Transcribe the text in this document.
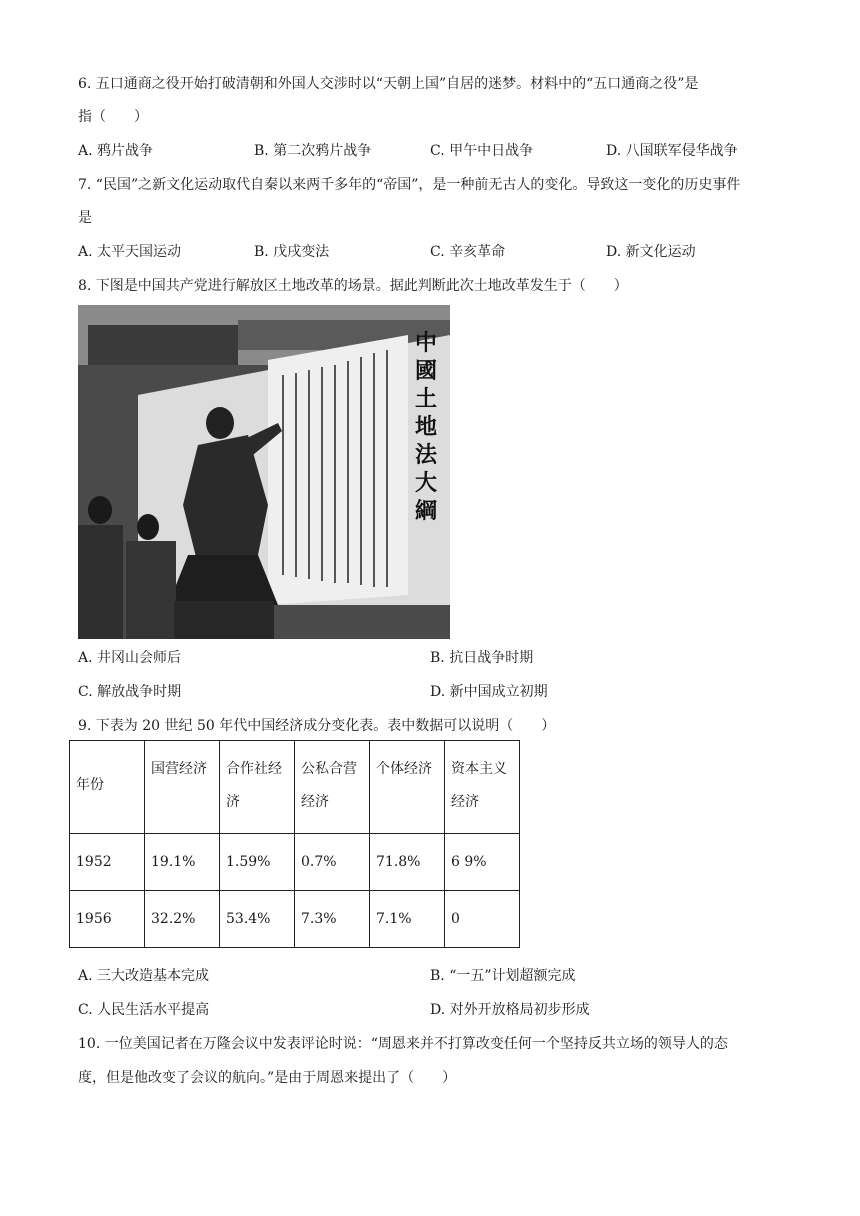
6. 五口通商之役开始打破清朝和外国人交涉时以“天朝上国”自居的迷梦。材料中的“五口通商之役”是
指（　　）
A. 鸦片战争	B. 第二次鸦片战争	C. 甲午中日战争	D. 八国联军侵华战争
7. “民国”之新文化运动取代自秦以来两千多年的“帝国”，是一种前无古人的变化。导致这一变化的历史事件
是
A. 太平天国运动	B. 戊戌变法	C. 辛亥革命	D. 新文化运动
8. 下图是中国共产党进行解放区土地改革的场景。据此判断此次土地改革发生于（　　）
中國土地法大綱
A. 井冈山会师后	B. 抗日战争时期
C. 解放战争时期	D. 新中国成立初期
9. 下表为 20 世纪 50 年代中国经济成分变化表。表中数据可以说明（　　）
年份	国营经济	合作社经济	公私合营经济	个体经济	资本主义经济
1952	19.1%	1.59%	0.7%	71.8%	6 9%
1956	32.2%	53.4%	7.3%	7.1%	0
A. 三大改造基本完成	B. “一五”计划超额完成
C. 人民生活水平提高	D. 对外开放格局初步形成
10. 一位美国记者在万隆会议中发表评论时说：“周恩来并不打算改变任何一个坚持反共立场的领导人的态
度，但是他改变了会议的航向。”是由于周恩来提出了（　　）
